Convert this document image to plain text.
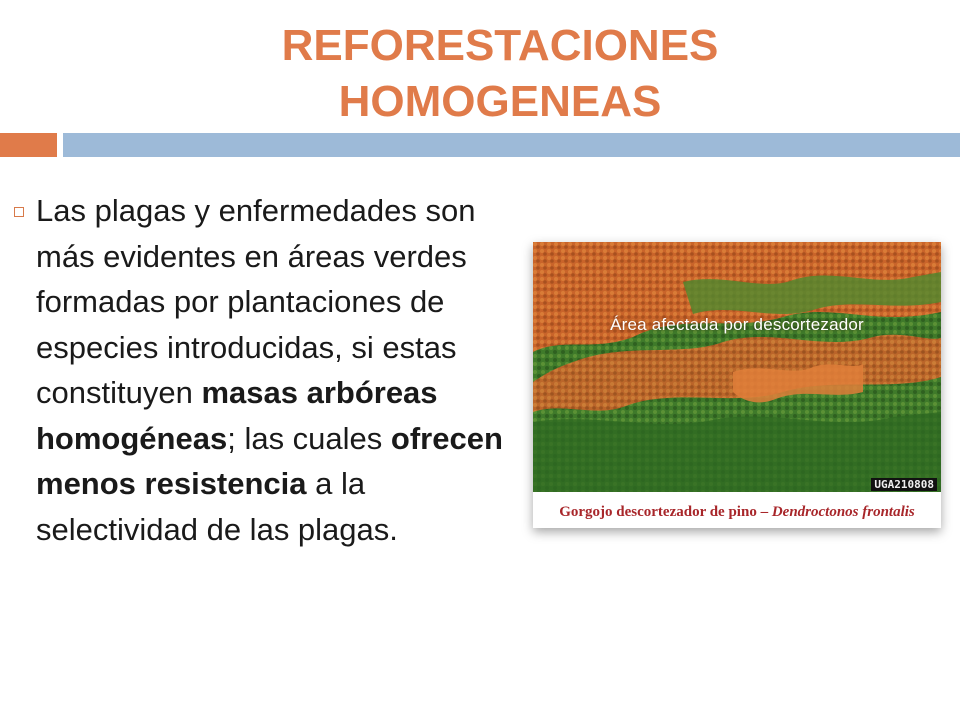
REFORESTACIONES
HOMOGENEAS

Las plagas y enfermedades son más evidentes en áreas verdes formadas por plantaciones de especies introducidas, si estas constituyen masas arbóreas homogéneas; las cuales ofrecen menos resistencia a la selectividad de las plagas.

Área afectada por descortezador
UGA210808
Gorgojo descortezador de pino – Dendroctonos frontalis
